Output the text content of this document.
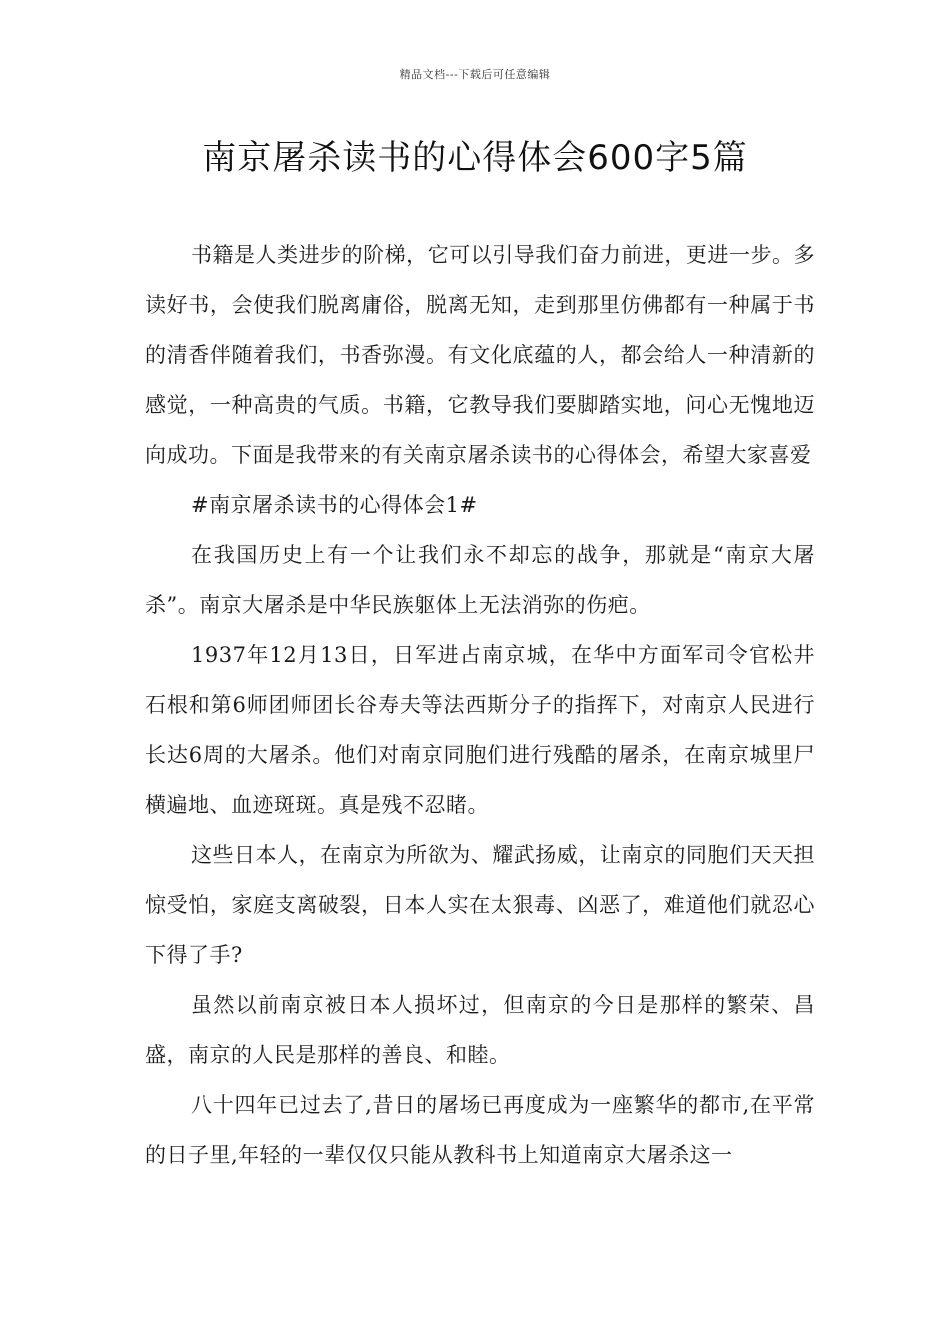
精品文档---下载后可任意编辑
南京屠杀读书的心得体会600字5篇

书籍是人类进步的阶梯，它可以引导我们奋力前进，更进一步。多读好书，会使我们脱离庸俗，脱离无知，走到那里仿佛都有一种属于书的清香伴随着我们，书香弥漫。有文化底蕴的人，都会给人一种清新的感觉，一种高贵的气质。书籍，它教导我们要脚踏实地，问心无愧地迈向成功。下面是我带来的有关南京屠杀读书的心得体会，希望大家喜爱

#南京屠杀读书的心得体会1#

在我国历史上有一个让我们永不却忘的战争，那就是“南京大屠杀”。南京大屠杀是中华民族躯体上无法消弥的伤疤。

1937年12月13日，日军进占南京城，在华中方面军司令官松井石根和第6师团师团长谷寿夫等法西斯分子的指挥下，对南京人民进行长达6周的大屠杀。他们对南京同胞们进行残酷的屠杀，在南京城里尸横遍地、血迹斑斑。真是残不忍睹。

这些日本人，在南京为所欲为、耀武扬威，让南京的同胞们天天担惊受怕，家庭支离破裂，日本人实在太狠毒、凶恶了，难道他们就忍心下得了手?

虽然以前南京被日本人损坏过，但南京的今日是那样的繁荣、昌盛，南京的人民是那样的善良、和睦。

八十四年已过去了,昔日的屠场已再度成为一座繁华的都市,在平常的日子里,年轻的一辈仅仅只能从教科书上知道南京大屠杀这一
